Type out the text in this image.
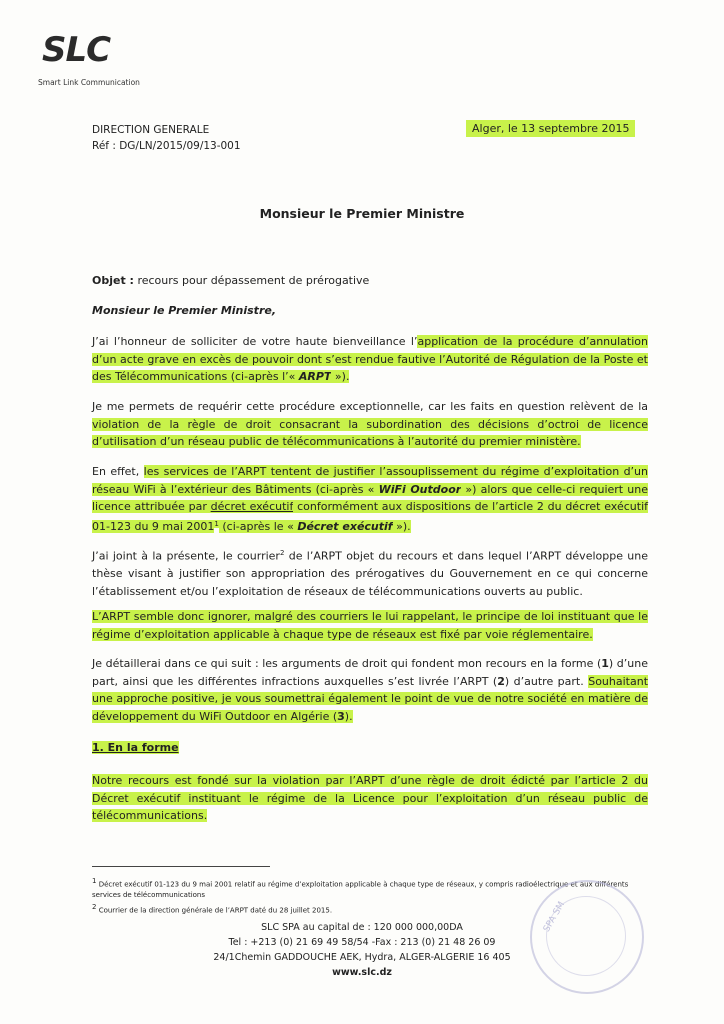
SLC
Smart Link Communication
DIRECTION GENERALE
Réf : DG/LN/2015/09/13-001
Alger, le 13 septembre 2015
Monsieur le Premier Ministre
Objet : recours pour dépassement de prérogative
Monsieur le Premier Ministre,
J’ai l’honneur de solliciter de votre haute bienveillance l’application de la procédure d’annulation d’un acte grave en excès de pouvoir dont s’est rendue fautive l’Autorité de Régulation de la Poste et des Télécommunications (ci-après l’« ARPT »).
Je me permets de requérir cette procédure exceptionnelle, car les faits en question relèvent de la violation de la règle de droit consacrant la subordination des décisions d’octroi de licence d’utilisation d’un réseau public de télécommunications à l’autorité du premier ministère.
En effet, les services de l’ARPT tentent de justifier l’assouplissement du régime d’exploitation d’un réseau WiFi à l’extérieur des Bâtiments (ci-après « WiFi Outdoor ») alors que celle-ci requiert une licence attribuée par décret exécutif conformément aux dispositions de l’article 2 du décret exécutif 01-123 du 9 mai 2001$^1$ (ci-après le « Décret exécutif »).
J’ai joint à la présente, le courrier$^2$ de l’ARPT objet du recours et dans lequel l’ARPT développe une thèse visant à justifier son appropriation des prérogatives du Gouvernement en ce qui concerne l’établissement et/ou l’exploitation de réseaux de télécommunications ouverts au public.
L’ARPT semble donc ignorer, malgré des courriers le lui rappelant, le principe de loi instituant que le régime d’exploitation applicable à chaque type de réseaux est fixé par voie réglementaire.
Je détaillerai dans ce qui suit : les arguments de droit qui fondent mon recours en la forme (1) d’une part, ainsi que les différentes infractions auxquelles s’est livrée l’ARPT (2) d’autre part. Souhaitant une approche positive, je vous soumettrai également le point de vue de notre société en matière de développement du WiFi Outdoor en Algérie (3).
1. En la forme
Notre recours est fondé sur la violation par l’ARPT d’une règle de droit édicté par l’article 2 du Décret exécutif instituant le régime de la Licence pour l’exploitation d’un réseau public de télécommunications.
$^1$ Décret exécutif 01-123 du 9 mai 2001 relatif au régime d’exploitation applicable à chaque type de réseaux, y compris radioélectrique et aux différents services de télécommunications
$^2$ Courrier de la direction générale de l’ARPT daté du 28 juillet 2015.
SLC SPA au capital de : 120 000 000,00DA
Tel : +213 (0) 21 69 49 58/54 -Fax : 213 (0) 21 48 26 09
24/1Chemin GADDOUCHE AEK, Hydra, ALGER-ALGERIE 16 405
www.slc.dz
SPA SM
